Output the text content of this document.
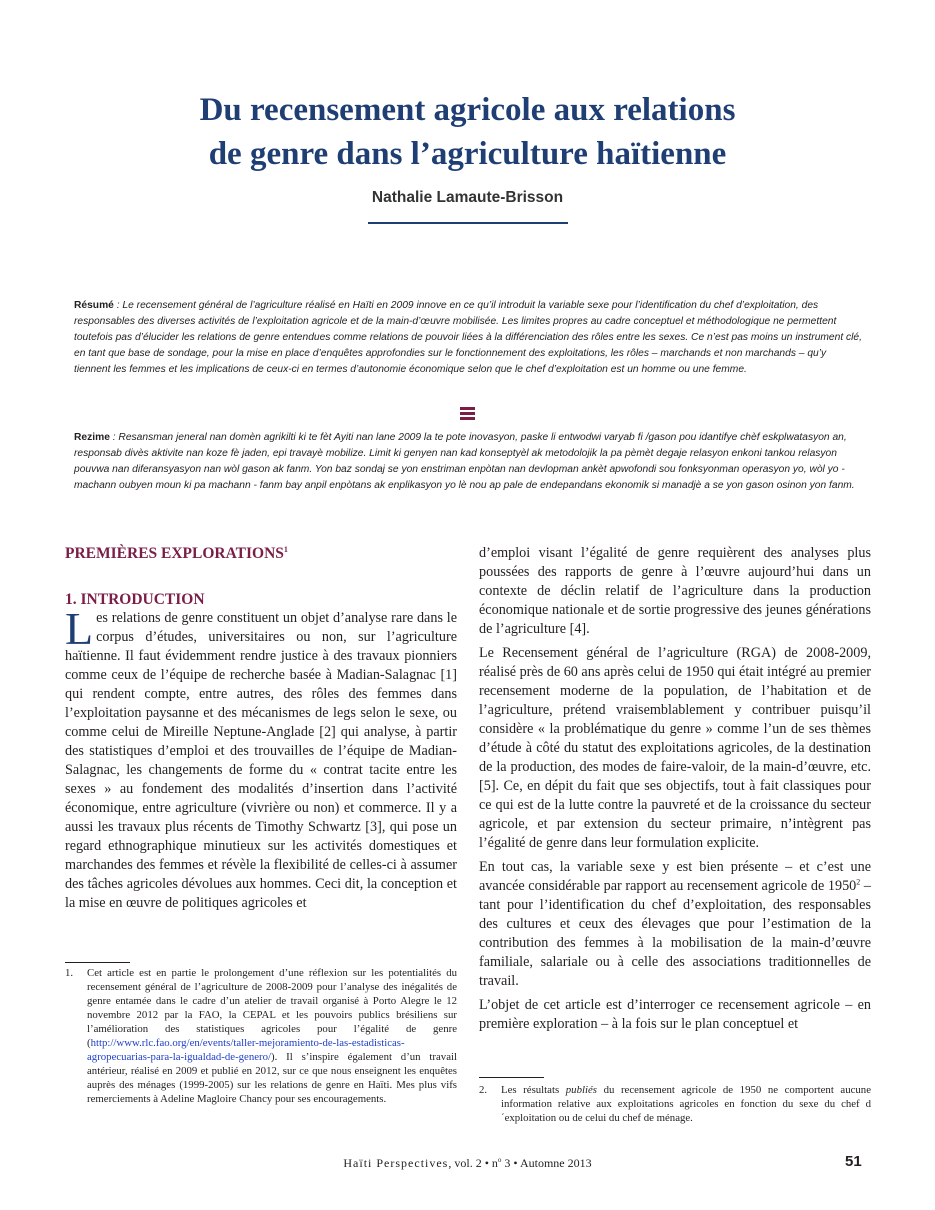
Du recensement agricole aux relations
de genre dans l’agriculture haïtienne

Nathalie Lamaute-Brisson

Résumé : Le recensement général de l’agriculture réalisé en Haïti en 2009 innove en ce qu’il introduit la variable sexe pour l’identification du chef d’exploitation, des responsables des diverses activités de l’exploitation agricole et de la main-d’œuvre mobilisée. Les limites propres au cadre conceptuel et méthodologique ne permettent toutefois pas d’élucider les relations de genre entendues comme relations de pouvoir liées à la différenciation des rôles entre les sexes. Ce n’est pas moins un instrument clé, en tant que base de sondage, pour la mise en place d’enquêtes approfondies sur le fonctionnement des exploitations, les rôles – marchands et non marchands – qu’y tiennent les femmes et les implications de ceux-ci en termes d’autonomie économique selon que le chef d’exploitation est un homme ou une femme.

Rezime : Resansman jeneral nan domèn agrikilti ki te fèt Ayiti nan lane 2009 la te pote inovasyon, paske li entwodwi varyab fi /gason pou idantifye chèf eskplwatasyon an, responsab divès aktivite nan koze fè jaden, epi travayè mobilize. Limit ki genyen nan kad konseptyèl ak metodolojik la pa pèmèt degaje relasyon enkoni tankou relasyon pouvwa nan diferansyasyon nan wòl gason ak fanm. Yon baz sondaj se yon enstriman enpòtan nan devlopman ankèt apwofondi sou fonksyonman operasyon yo, wòl yo - machann oubyen moun ki pa machann - fanm bay anpil enpòtans ak enplikasyon yo lè nou ap pale de endepandans ekonomik si manadjè a se yon gason osinon yon fanm.

PREMIÈRES EXPLORATIONS$^1$
1. INTRODUCTION

Les relations de genre constituent un objet d’analyse rare dans le corpus d’études, universitaires ou non, sur l’agriculture haïtienne. Il faut évidemment rendre justice à des travaux pionniers comme ceux de l’équipe de recherche basée à Madian-Salagnac [1] qui rendent compte, entre autres, des rôles des femmes dans l’exploitation paysanne et des mécanismes de legs selon le sexe, ou comme celui de Mireille Neptune-Anglade [2] qui analyse, à partir des statistiques d’emploi et des trouvailles de l’équipe de Madian-Salagnac, les changements de forme du « contrat tacite entre les sexes » au fondement des modalités d’insertion dans l’activité économique, entre agriculture (vivrière ou non) et commerce. Il y a aussi les travaux plus récents de Timothy Schwartz [3], qui pose un regard ethnographique minutieux sur les activités domestiques et marchandes des femmes et révèle la flexibilité de celles-ci à assumer des tâches agricoles dévolues aux hommes. Ceci dit, la conception et la mise en œuvre de politiques agricoles et

d’emploi visant l’égalité de genre requièrent des analyses plus poussées des rapports de genre à l’œuvre aujourd’hui dans un contexte de déclin relatif de l’agriculture dans la production économique nationale et de sortie progressive des jeunes générations de l’agriculture [4].

Le Recensement général de l’agriculture (RGA) de 2008-2009, réalisé près de 60 ans après celui de 1950 qui était intégré au premier recensement moderne de la population, de l’habitation et de l’agriculture, prétend vraisemblablement y contribuer puisqu’il considère « la problématique du genre » comme l’un de ses thèmes d’étude à côté du statut des exploitations agricoles, de la destination de la production, des modes de faire-valoir, de la main-d’œuvre, etc. [5]. Ce, en dépit du fait que ses objectifs, tout à fait classiques pour ce qui est de la lutte contre la pauvreté et de la croissance du secteur agricole, et par extension du secteur primaire, n’intègrent pas l’égalité de genre dans leur formulation explicite.

En tout cas, la variable sexe y est bien présente – et c’est une avancée considérable par rapport au recensement agricole de 1950$^2$ – tant pour l’identification du chef d’exploitation, des responsables des cultures et ceux des élevages que pour l’estimation de la contribution des femmes à la mobilisation de la main-d’œuvre familiale, salariale ou à celle des associations traditionnelles de travail.

L’objet de cet article est d’interroger ce recensement agricole – en première exploration – à la fois sur le plan conceptuel et

1. Cet article est en partie le prolongement d’une réflexion sur les potentialités du recensement général de l’agriculture de 2008-2009 pour l’analyse des inégalités de genre entamée dans le cadre d’un atelier de travail organisé à Porto Alegre le 12 novembre 2012 par la FAO, la CEPAL et les pouvoirs publics brésiliens sur l’amélioration des statistiques agricoles pour l’égalité de genre (http://www.rlc.fao.org/en/events/taller-mejoramiento-de-las-estadisticas-agropecuarias-para-la-igualdad-de-genero/). Il s’inspire également d’un travail antérieur, réalisé en 2009 et publié en 2012, sur ce que nous enseignent les enquêtes auprès des ménages (1999-2005) sur les relations de genre en Haïti. Mes plus vifs remerciements à Adeline Magloire Chancy pour ses encouragements.
2. Les résultats publiés du recensement agricole de 1950 ne comportent aucune information relative aux exploitations agricoles en fonction du sexe du chef d´exploitation ou de celui du chef de ménage.
Haïti Perspectives, vol. 2 • $n^o$ 3 • Automne 2013	51
